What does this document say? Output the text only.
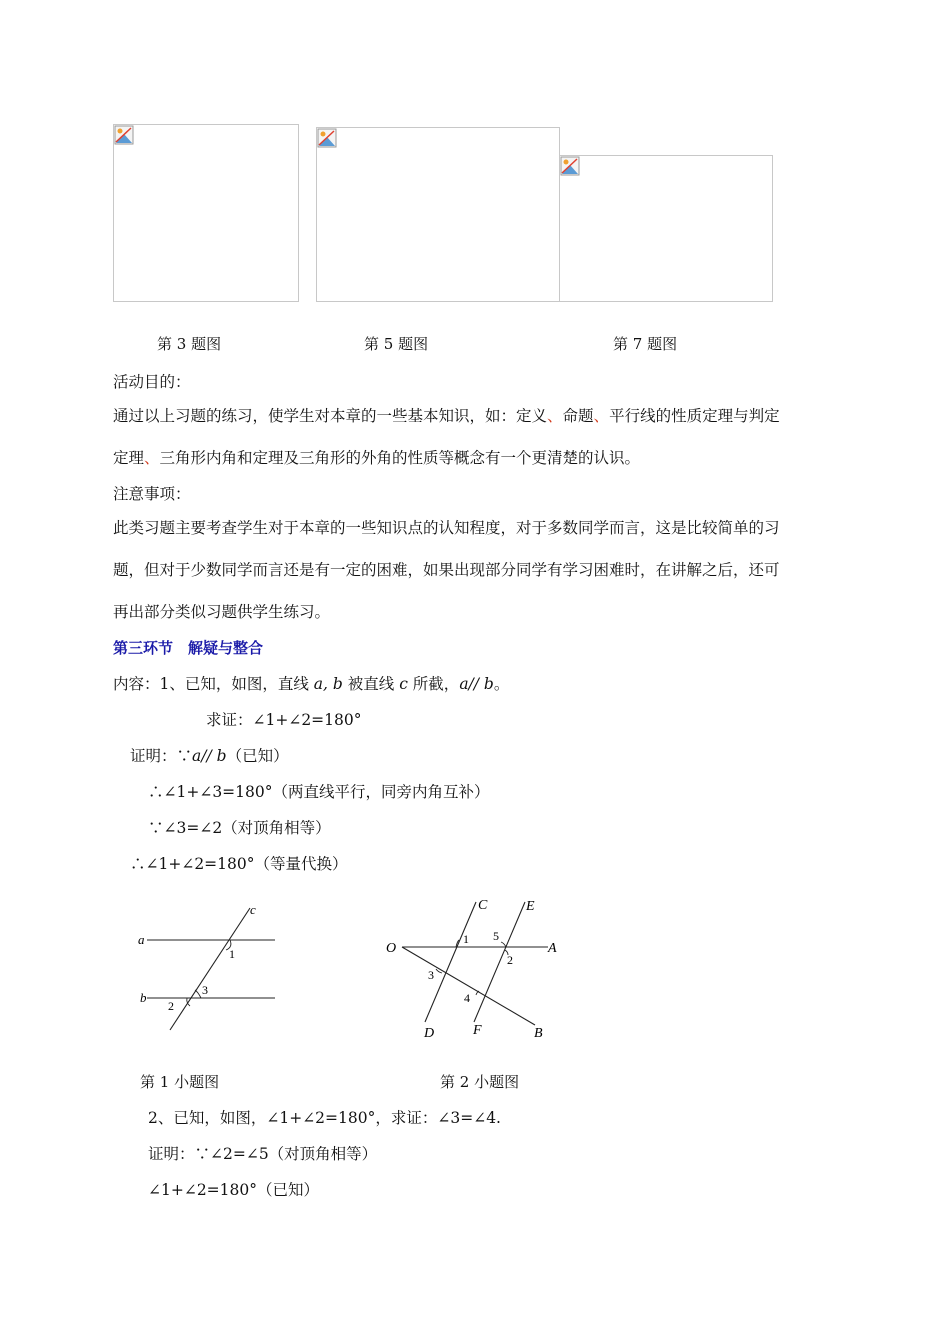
第 3 题图	第 5 题图	第 7 题图
活动目的：
通过以上习题的练习，使学生对本章的一些基本知识，如：定义、命题、平行线的性质定理与判定
定理、三角形内角和定理及三角形的外角的性质等概念有一个更清楚的认识。
注意事项：
此类习题主要考查学生对于本章的一些知识点的认知程度，对于多数同学而言，这是比较简单的习
题，但对于少数同学而言还是有一定的困难，如果出现部分同学有学习困难时，在讲解之后，还可
再出部分类似习题供学生练习。
第三环节　解疑与整合
内容：1、已知，如图，直线 a, b 被直线 c 所截，a// b。
求证：∠1+∠2=180°
证明：∵a// b（已知）
∴∠1+∠3=180°（两直线平行，同旁内角互补）
∵∠3=∠2（对顶角相等）
∴∠1+∠2=180°（等量代换）
a
b
c
1
2
3
O	A
B
C
D
E
F
1
2
3
4
5
第 1 小题图	第 2 小题图
2、已知，如图，∠1+∠2=180°，求证：∠3=∠4.
证明：∵∠2=∠5（对顶角相等）
∠1+∠2=180°（已知）
